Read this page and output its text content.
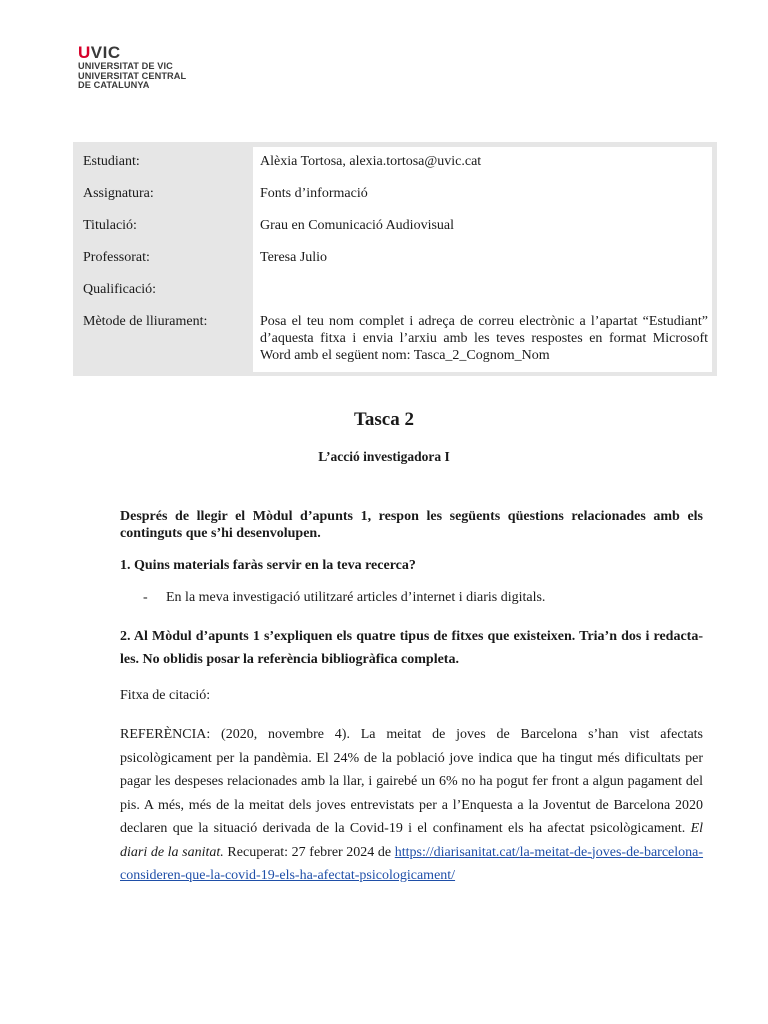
U VIC
UNIVERSITAT DE VIC
UNIVERSITAT CENTRAL
DE CATALUNYA
Estudiant:	Alèxia Tortosa, alexia.tortosa@uvic.cat
Assignatura:	Fonts d’informació
Titulació:	Grau en Comunicació Audiovisual
Professorat:	Teresa Julio
Qualificació:
Mètode de lliurament:	Posa el teu nom complet i adreça de correu electrònic a l’apartat “Estudiant” d’aquesta fitxa i envia l’arxiu amb les teves respostes en format Microsoft Word amb el següent nom: Tasca_2_Cognom_Nom
Tasca 2
L’acció investigadora I
Després de llegir el Mòdul d’apunts 1, respon les següents qüestions relacionades amb els continguts que s’hi desenvolupen.
1. Quins materials faràs servir en la teva recerca?
- En la meva investigació utilitzaré articles d’internet i diaris digitals.
2. Al Mòdul d’apunts 1 s’expliquen els quatre tipus de fitxes que existeixen. Tria’n dos i redacta-les. No oblidis posar la referència bibliogràfica completa.
Fitxa de citació:
REFERÈNCIA: (2020, novembre 4). La meitat de joves de Barcelona s’han vist afectats psicològicament per la pandèmia. El 24% de la població jove indica que ha tingut més dificultats per pagar les despeses relacionades amb la llar, i gairebé un 6% no ha pogut fer front a algun pagament del pis. A més, més de la meitat dels joves entrevistats per a l’Enquesta a la Joventut de Barcelona 2020 declaren que la situació derivada de la Covid-19 i el confinament els ha afectat psicològicament. El diari de la sanitat. Recuperat: 27 febrer 2024 de https://diarisanitat.cat/la-meitat-de-joves-de-barcelona-consideren-que-la-covid-19-els-ha-afectat-psicologicament/
